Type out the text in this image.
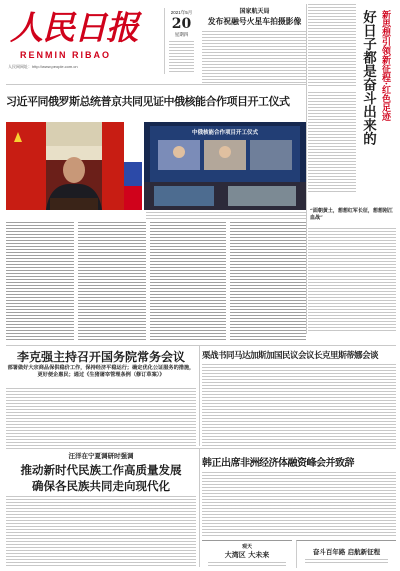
人民日报
RENMIN RIBAO
人民网网址：http://www.people.com.cn
2021年5月
20
星期四
国家航天局
发布祝融号火星车拍摄影像	新思想引领新征程·红色足迹
好日子都是奋斗出来的
“面朝黄土，想想红军长征，想想刚江血战”
习近平同俄罗斯总统普京共同见证中俄核能合作项目开工仪式
中俄核能合作项目开工仪式
李克强主持召开国务院常务会议
部署做好大宗商品保供稳价工作，保持经济平稳运行；确定优化公证服务的措施，更好便企惠民；通过《生猪屠宰管理条例（修订草案）》
栗战书同马达加斯加国民议会议长克里斯蒂娜会谈
汪洋在宁夏调研时强调
推动新时代民族工作高质量发展
确保各民族共同走向现代化
韩正出席非洲经济体融资峰会并致辞
观天
大湾区 大未来	奋斗百年路 启航新征程
